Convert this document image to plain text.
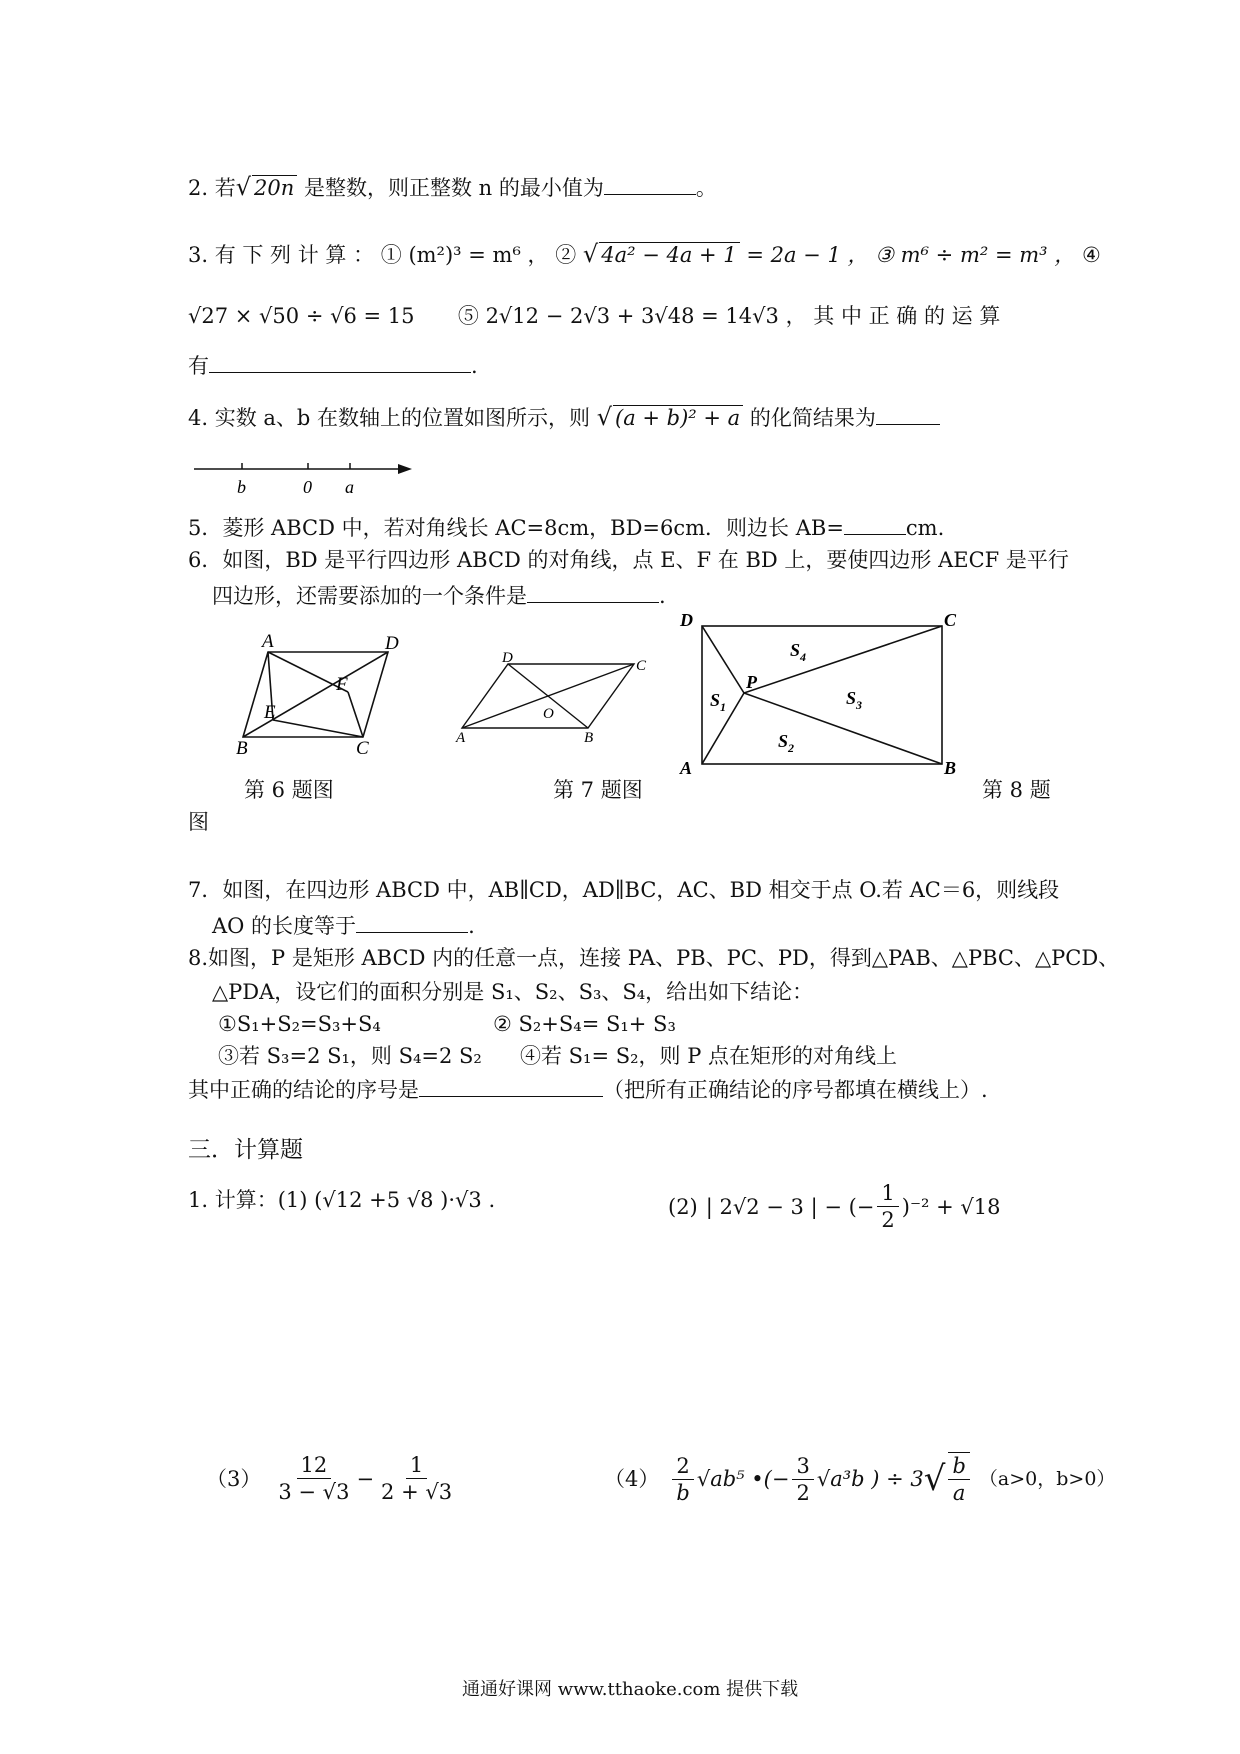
2. 若√ 20n 是整数，则正整数 n 的最小值为	。
3. 有 下 列 计 算 ： ① (m²)³ = m⁶ ， ② √ 4a² − 4a + 1 = 2a − 1 ， ③ m⁶ ÷ m² = m³ ， ④
√27 × √50 ÷ √6 = 15 ⑤ 2√12 − 2√3 + 3√48 = 14√3 ， 其 中 正 确 的 运 算
有	.
4. 实数 a、b 在数轴上的位置如图所示，则 √ (a + b)² + a 的化简结果为
b	0 a
5．菱形 ABCD 中，若对角线长 AC=8cm，BD=6cm．则边长 AB=	cm.
6．如图，BD 是平行四边形 ABCD 的对角线，点 E、F 在 BD 上，要使四边形 AECF 是平行
四边形，还需要添加的一个条件是	.
A	D
E
F
B	C
D	C
O
A	B
D	C
A	B
P
$S_1$
$S_2$
$S_3$
$S_4$
第 6 题图	第 7 题图	第 8 题
图
7．如图，在四边形 ABCD 中，AB∥CD，AD∥BC，AC、BD 相交于点 O.若 AC＝6，则线段
AO 的长度等于	.
8.如图，P 是矩形 ABCD 内的任意一点，连接 PA、PB、PC、PD，得到△PAB、△PBC、△PCD、
△PDA，设它们的面积分别是 S₁、S₂、S₃、S₄，给出如下结论：
①S₁+S₂=S₃+S₄	② S₂+S₄= S₁+ S₃
③若 S₃=2 S₁，则 S₄=2 S₂ ④若 S₁= S₂，则 P 点在矩形的对角线上
其中正确的结论的序号是	（把所有正确结论的序号都填在横线上）.
三．计算题
1. 计算：(1) (√12 +5 √8 )·√3 .	(2) | 2√2 − 3 | − (− $\frac{1}{2} )^{-2} + √18$
$(3) \frac{12}{3 - √3} - \frac{1}{2 + √3}$	$(4) \frac{2}{b} √ab^5$ •(− $\frac{3}{2} √a^3b$ ) ÷ 3 √ $\frac{b}{a} (a>0$，b>0）
通通好课网 www.tthaoke.com 提供下载
